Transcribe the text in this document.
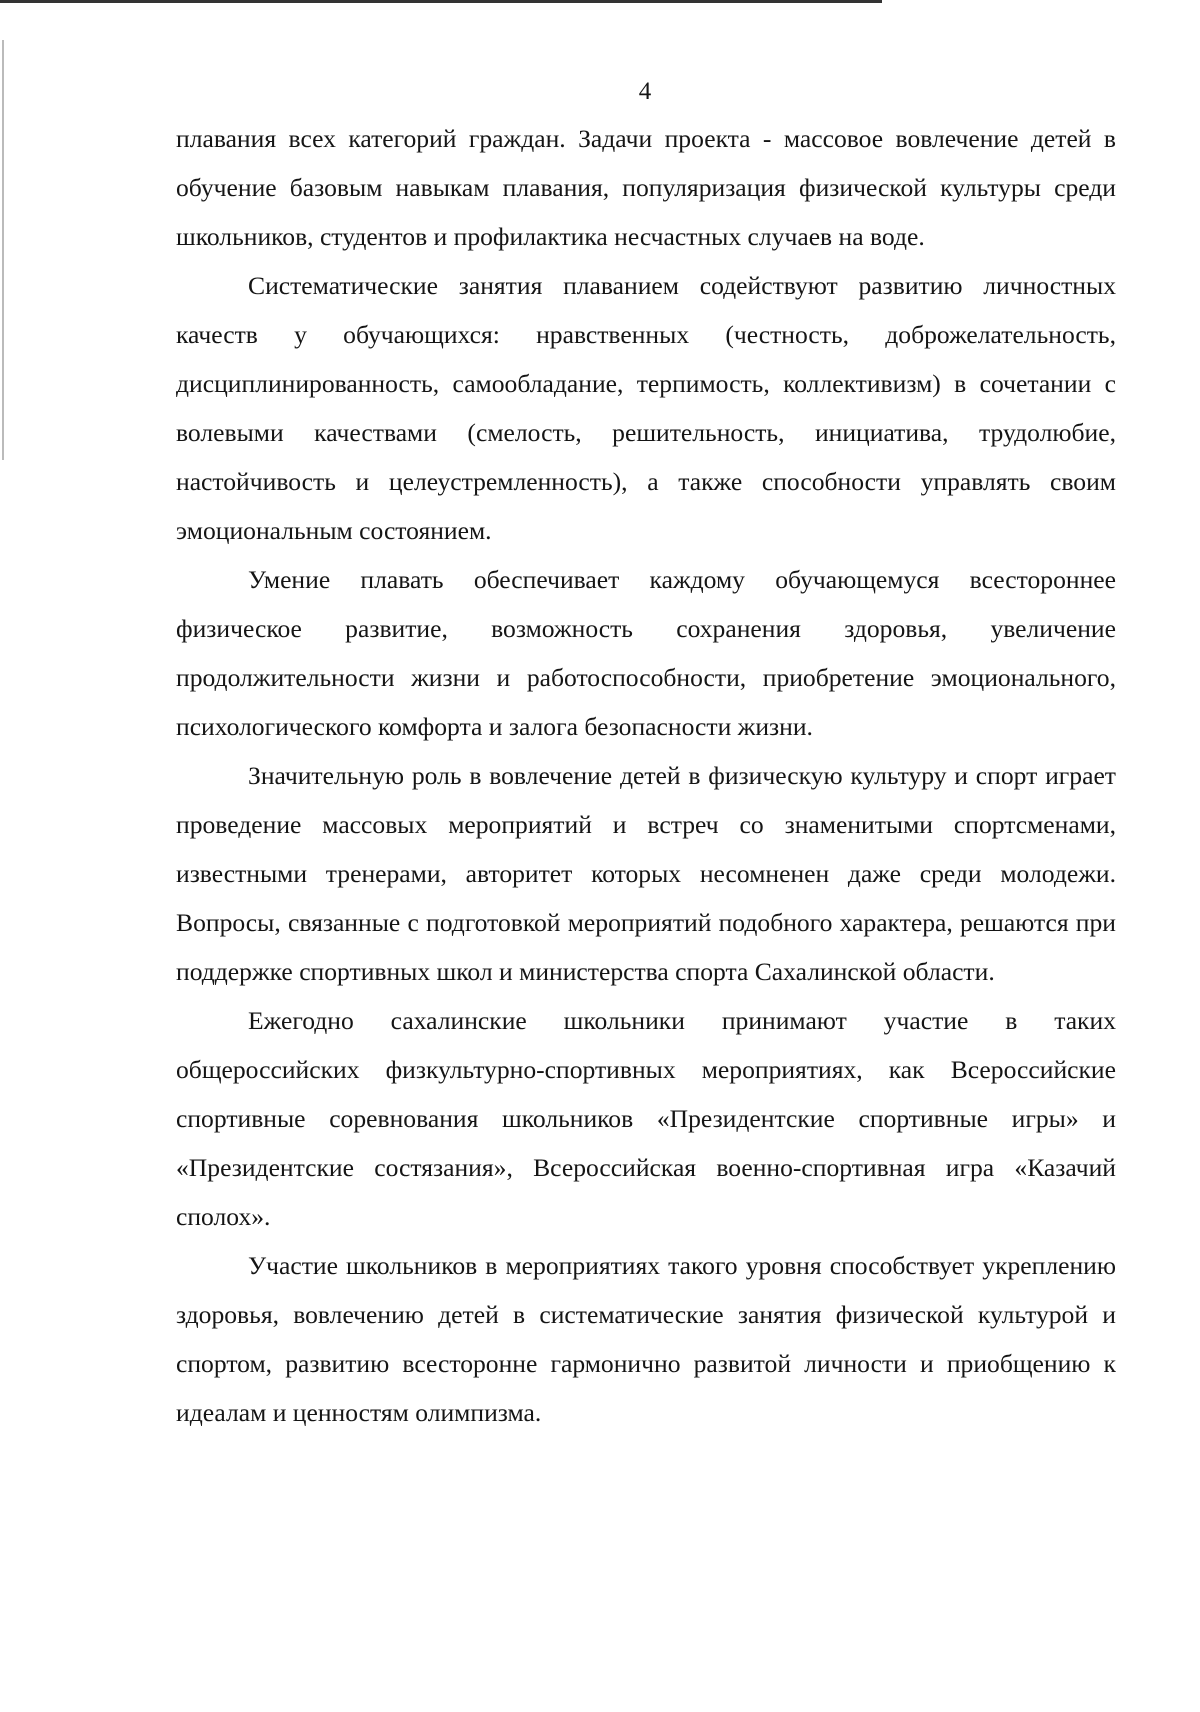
4

плавания всех категорий граждан. Задачи проекта - массовое вовлечение детей в обучение базовым навыкам плавания, популяризация физической культуры среди школьников, студентов и профилактика несчастных случаев на воде.

Систематические занятия плаванием содействуют развитию личностных качеств у обучающихся: нравственных (честность, доброжелательность, дисциплинированность, самообладание, терпимость, коллективизм) в сочетании с волевыми качествами (смелость, решительность, инициатива, трудолюбие, настойчивость и целеустремленность), а также способности управлять своим эмоциональным состоянием.

Умение плавать обеспечивает каждому обучающемуся всестороннее физическое развитие, возможность сохранения здоровья, увеличение продолжительности жизни и работоспособности, приобретение эмоционального, психологического комфорта и залога безопасности жизни.

Значительную роль в вовлечение детей в физическую культуру и спорт играет проведение массовых мероприятий и встреч со знаменитыми спортсменами, известными тренерами, авторитет которых несомненен даже среди молодежи. Вопросы, связанные с подготовкой мероприятий подобного характера, решаются при поддержке спортивных школ и министерства спорта Сахалинской области.

Ежегодно сахалинские школьники принимают участие в таких общероссийских физкультурно-спортивных мероприятиях, как Всероссийские спортивные соревнования школьников «Президентские спортивные игры» и «Президентские состязания», Всероссийская военно-спортивная игра «Казачий сполох».

Участие школьников в мероприятиях такого уровня способствует укреплению здоровья, вовлечению детей в систематические занятия физической культурой и спортом, развитию всесторонне гармонично развитой личности и приобщению к идеалам и ценностям олимпизма.
